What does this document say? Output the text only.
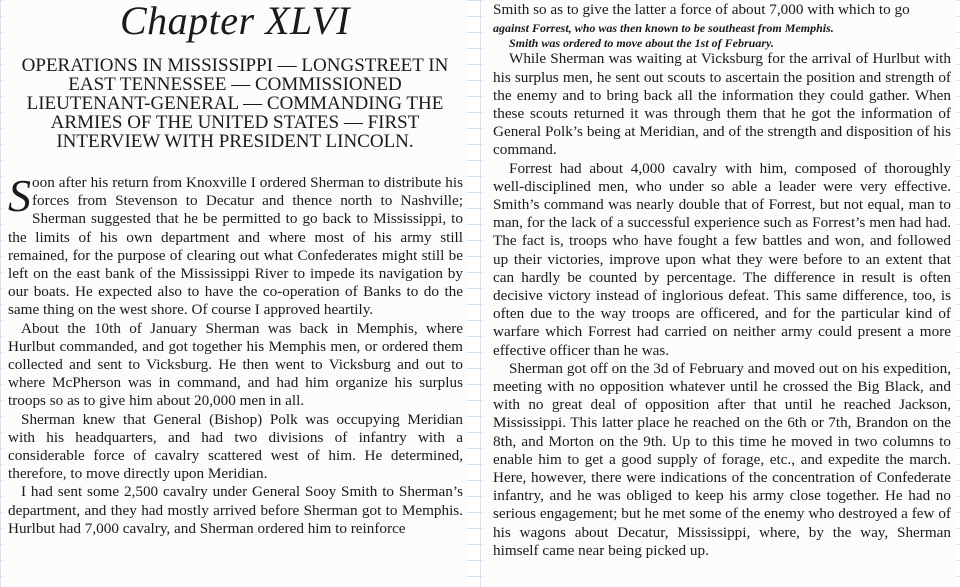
Chapter XLVI
OPERATIONS IN MISSISSIPPI — LONGSTREET IN EAST TENNESSEE — COMMISSIONED LIEUTENANT-GENERAL — COMMANDING THE ARMIES OF THE UNITED STATES — FIRST INTERVIEW WITH PRESIDENT LINCOLN.

Soon after his return from Knoxville I ordered Sherman to distribute his forces from Stevenson to Decatur and thence north to Nashville; Sherman suggested that he be permitted to go back to Mississippi, to the limits of his own department and where most of his army still remained, for the purpose of clearing out what Confederates might still be left on the east bank of the Mississippi River to impede its navigation by our boats. He expected also to have the co-operation of Banks to do the same thing on the west shore. Of course I approved heartily.

About the 10th of January Sherman was back in Memphis, where Hurlbut commanded, and got together his Memphis men, or ordered them collected and sent to Vicksburg. He then went to Vicksburg and out to where McPherson was in command, and had him organize his surplus troops so as to give him about 20,000 men in all.

Sherman knew that General (Bishop) Polk was occupying Meridian with his headquarters, and had two divisions of infantry with a considerable force of cavalry scattered west of him. He determined, therefore, to move directly upon Meridian.

I had sent some 2,500 cavalry under General Sooy Smith to Sherman’s department, and they had mostly arrived before Sherman got to Memphis. Hurlbut had 7,000 cavalry, and Sherman ordered him to reinforce

Smith so as to give the latter a force of about 7,000 with which to go

against Forrest, who was then known to be southeast from Memphis.

Smith was ordered to move about the 1st of February.

While Sherman was waiting at Vicksburg for the arrival of Hurlbut with his surplus men, he sent out scouts to ascertain the position and strength of the enemy and to bring back all the information they could gather. When these scouts returned it was through them that he got the information of General Polk’s being at Meridian, and of the strength and disposition of his command.

Forrest had about 4,000 cavalry with him, composed of thoroughly well-disciplined men, who under so able a leader were very effective. Smith’s command was nearly double that of Forrest, but not equal, man to man, for the lack of a successful experience such as Forrest’s men had had. The fact is, troops who have fought a few battles and won, and followed up their victories, improve upon what they were before to an extent that can hardly be counted by percentage. The difference in result is often decisive victory instead of inglorious defeat. This same difference, too, is often due to the way troops are officered, and for the particular kind of warfare which Forrest had carried on neither army could present a more effective officer than he was.

Sherman got off on the 3d of February and moved out on his expedition, meeting with no opposition whatever until he crossed the Big Black, and with no great deal of opposition after that until he reached Jackson, Mississippi. This latter place he reached on the 6th or 7th, Brandon on the 8th, and Morton on the 9th. Up to this time he moved in two columns to enable him to get a good supply of forage, etc., and expedite the march. Here, however, there were indications of the concentration of Confederate infantry, and he was obliged to keep his army close together. He had no serious engagement; but he met some of the enemy who destroyed a few of his wagons about Decatur, Mississippi, where, by the way, Sherman himself came near being picked up.
